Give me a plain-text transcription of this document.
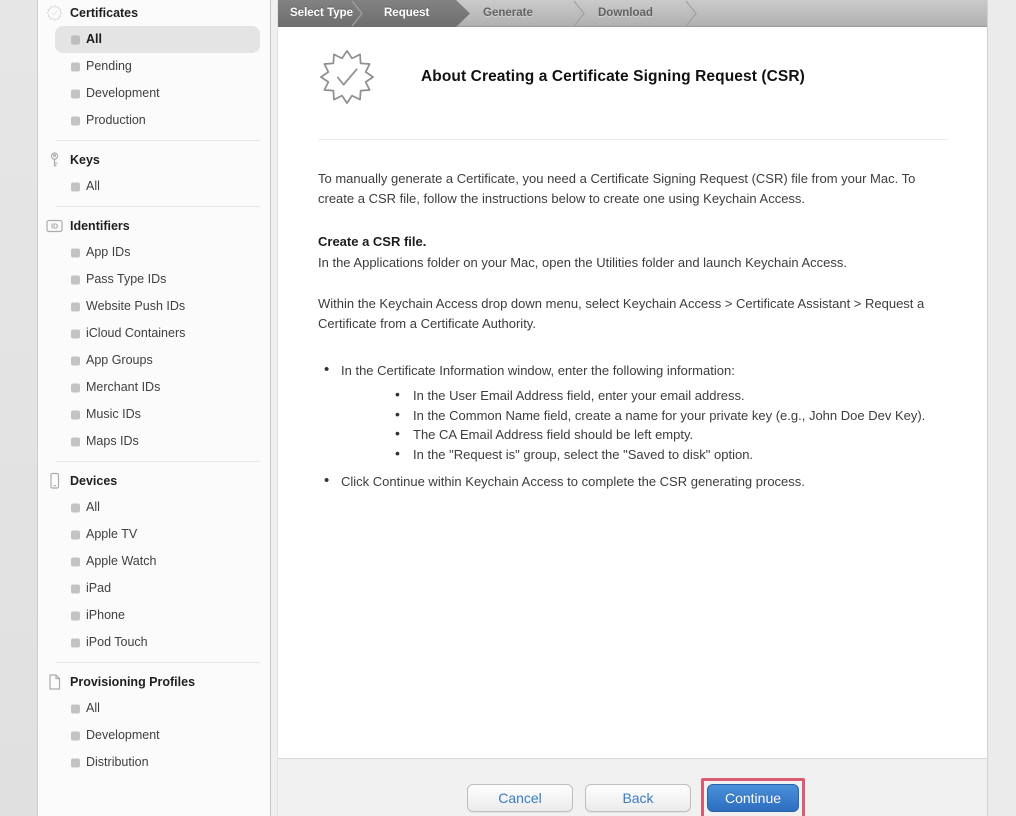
Certificates
All
Pending
Development
Production
Keys
All
ID Identifiers
App IDs
Pass Type IDs
Website Push IDs
iCloud Containers
App Groups
Merchant IDs
Music IDs
Maps IDs
Devices
All
Apple TV
Apple Watch
iPad
iPhone
iPod Touch
Provisioning Profiles
All
Development
Distribution
Select Type	Request	Generate	Download
About Creating a Certificate Signing Request (CSR)

To manually generate a Certificate, you need a Certificate Signing Request (CSR) file from your Mac. To create a CSR file, follow the instructions below to create one using Keychain Access.

Create a CSR file.

In the Applications folder on your Mac, open the Utilities folder and launch Keychain Access.

Within the Keychain Access drop down menu, select Keychain Access > Certificate Assistant > Request a Certificate from a Certificate Authority.

• In the Certificate Information window, enter the following information:
• In the User Email Address field, enter your email address.
• In the Common Name field, create a name for your private key (e.g., John Doe Dev Key).
• The CA Email Address field should be left empty.
• In the "Request is" group, select the "Saved to disk" option.
• Click Continue within Keychain Access to complete the CSR generating process.
Cancel	Back	Continue
